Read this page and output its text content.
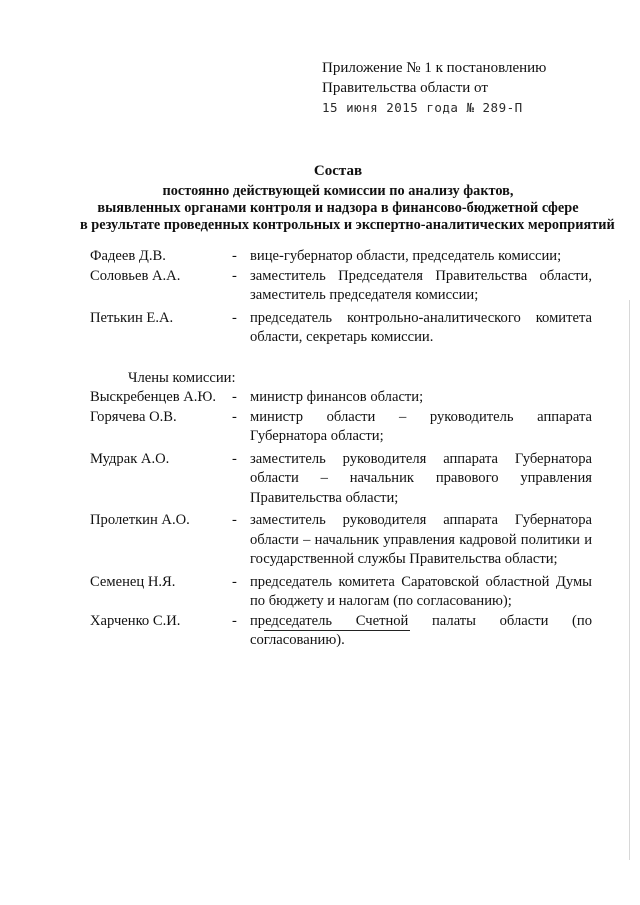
Приложение № 1 к постановлению
Правительства области от
15 июня 2015 года № 289-П
Состав
постоянно действующей комиссии по анализу фактов,
выявленных органами контроля и надзора в финансово-бюджетной сфере
в результате проведенных контрольных и экспертно-аналитических мероприятий
Фадеев Д.В.	- вице-губернатор области, председатель комиссии;
Соловьев А.А.	- заместитель Председателя Правительства области, заместитель председателя комиссии;
Петькин Е.А.	- председатель контрольно-аналитического комитета области, секретарь комиссии.
Члены комиссии:
Выскребенцев А.Ю.	- министр финансов области;
Горячева О.В.	- министр области – руководитель аппарата Губернатора области;
Мудрак А.О.	- заместитель руководителя аппарата Губернатора области – начальник правового управления Правительства области;
Пролеткин А.О.	- заместитель руководителя аппарата Губернатора области – начальник управления кадровой политики и государственной службы Правительства области;
Семенец Н.Я.	- председатель комитета Саратовской областной Думы по бюджету и налогам (по согласованию);
Харченко С.И.	- председатель Счетной палаты области (по согласованию).
